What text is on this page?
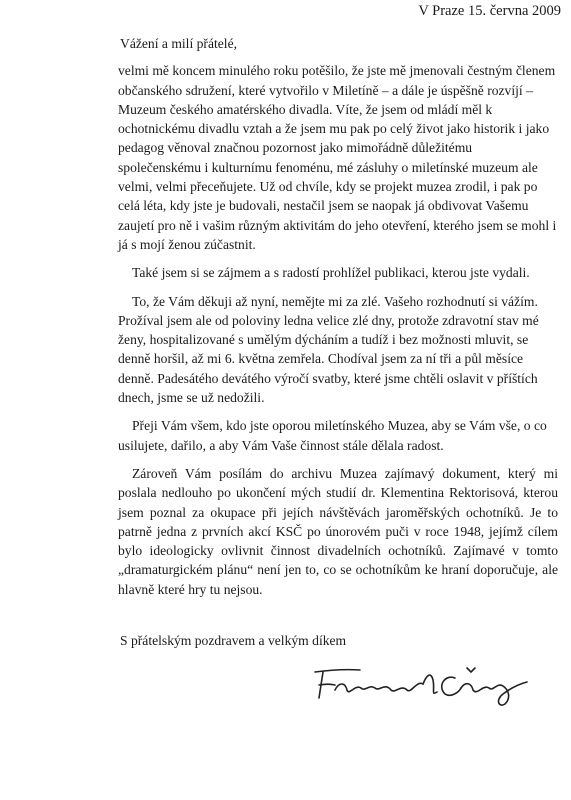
V Praze 15. června 2009

Vážení a milí přátelé,

velmi mě koncem minulého roku potěšilo, že jste mě jmenovali čestným členem občanského sdružení, které vytvořilo v Miletíně – a dále je úspěšně rozvíjí – Muzeum českého amatérského divadla. Víte, že jsem od mládí měl k ochotnickému divadlu vztah a že jsem mu pak po celý život jako historik i jako pedagog věnoval značnou pozornost jako mimořádně důležitému společenskému i kulturnímu fenoménu, mé zásluhy o miletínské muzeum ale velmi, velmi přeceňujete. Už od chvíle, kdy se projekt muzea zrodil, i pak po celá léta, kdy jste je budovali, nestačil jsem se naopak já obdivovat Vašemu zaujetí pro ně i vašim různým aktivitám do jeho otevření, kterého jsem se mohl i já s mojí ženou zúčastnit.

Také jsem si se zájmem a s radostí prohlížel publikaci, kterou jste vydali.

To, že Vám děkuji až nyní, nemějte mi za zlé. Vašeho rozhodnutí si vážím. Prožíval jsem ale od poloviny ledna velice zlé dny, protože zdravotní stav mé ženy, hospitalizované s umělým dýcháním a tudíž i bez možnosti mluvit, se denně horšil, až mi 6. května zemřela. Chodíval jsem za ní tři a půl měsíce denně. Padesátého devátého výročí svatby, které jsme chtěli oslavit v příštích dnech, jsme se už nedožili.

Přeji Vám všem, kdo jste oporou miletínského Muzea, aby se Vám vše, o co usilujete, dařilo, a aby Vám Vaše činnost stále dělala radost.

Zároveň Vám posílám do archivu Muzea zajímavý dokument, který mi poslala nedlouho po ukončení mých studií dr. Klementina Rektorisová, kterou jsem poznal za okupace při jejích návštěvách jaroměřských ochotníků. Je to patrně jedna z prvních akcí KSČ po únorovém puči v roce 1948, jejímž cílem bylo ideologicky ovlivnit činnost divadelních ochotníků. Zajímavé v tomto „dramaturgickém plánu“ není jen to, co se ochotníkům ke hraní doporučuje, ale hlavně které hry tu nejsou.

S přátelským pozdravem a velkým díkem
